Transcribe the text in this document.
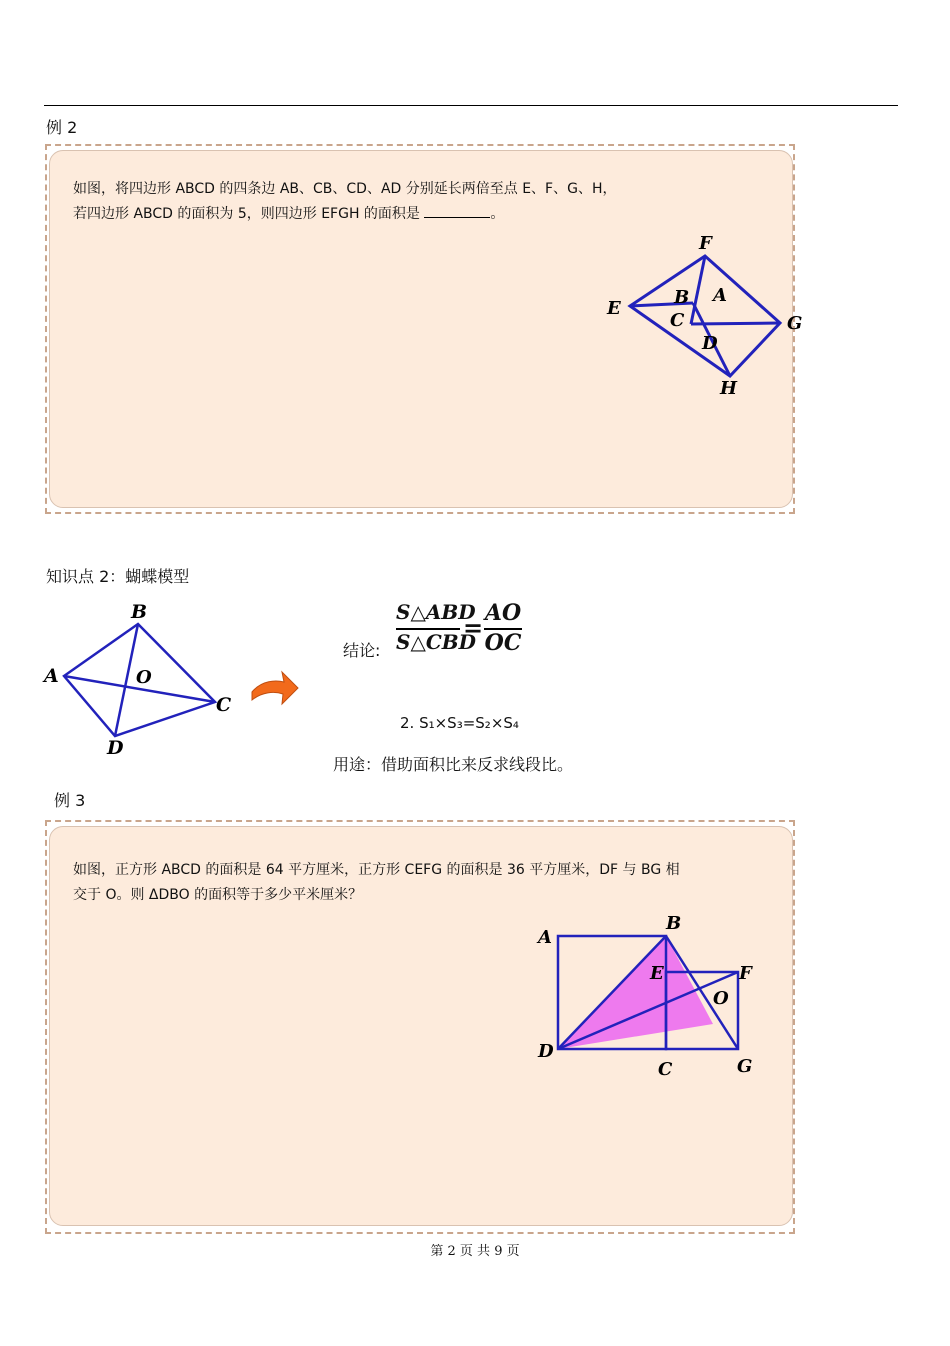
例 2
如图，将四边形 ABCD 的四条边 AB、CB、CD、AD 分别延长两倍至点 E、F、G、H，
若四边形 ABCD 的面积为 5，则四边形 EFGH 的面积是	。
F
E
G
H
A
B
C
D
知识点 2：蝴蝶模型
A
B
C
D
O
结论:
S△ABD
S△CBD
= AO
OC
2. S₁×S₃=S₂×S₄
用途：借助面积比来反求线段比。
例 3
如图，正方形 ABCD 的面积是 64 平方厘米，正方形 CEFG 的面积是 36 平方厘米，DF 与 BG 相
交于 O。则 ΔDBO 的面积等于多少平米厘米？
A
B
C
D
E	F
G
O
第 2 页 共 9 页
